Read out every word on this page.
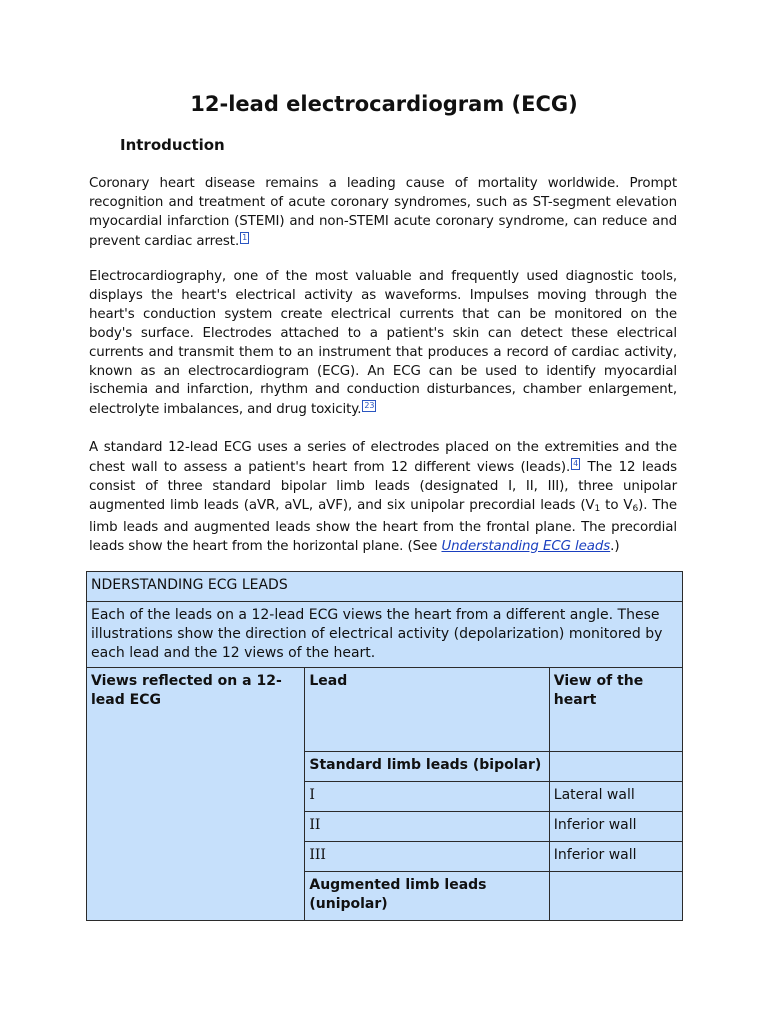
12-lead electrocardiogram (ECG)
Introduction

Coronary heart disease remains a leading cause of mortality worldwide. Prompt recognition and treatment of acute coronary syndromes, such as ST-segment elevation myocardial infarction (STEMI) and non-STEMI acute coronary syndrome, can reduce and prevent cardiac arrest. 1

Electrocardiography, one of the most valuable and frequently used diagnostic tools, displays the heart's electrical activity as waveforms. Impulses moving through the heart's conduction system create electrical currents that can be monitored on the body's surface. Electrodes attached to a patient's skin can detect these electrical currents and transmit them to an instrument that produces a record of cardiac activity, known as an electrocardiogram (ECG). An ECG can be used to identify myocardial ischemia and infarction, rhythm and conduction disturbances, chamber enlargement, electrolyte imbalances, and drug toxicity. 23

A standard 12-lead ECG uses a series of electrodes placed on the extremities and the chest wall to assess a patient's heart from 12 different views (leads). 4 The 12 leads consist of three standard bipolar limb leads (designated I, II, III), three unipolar augmented limb leads (aVR, aVL, aVF), and six unipolar precordial leads ($V_1$ to $V_6$). The limb leads and augmented leads show the heart from the frontal plane. The precordial leads show the heart from the horizontal plane. (See Understanding ECG leads.)

NDERSTANDING ECG LEADS		
Each of the leads on a 12-lead ECG views the heart from a different angle. These illustrations show the direction of electrical activity (depolarization) monitored by each lead and the 12 views of the heart.		
Views reflected on a 12-lead ECG	Lead	View of the heart
	Standard limb leads (bipolar)	
	I	Lateral wall
	II	Inferior wall
	III	Inferior wall
	Augmented limb leads (unipolar)	
